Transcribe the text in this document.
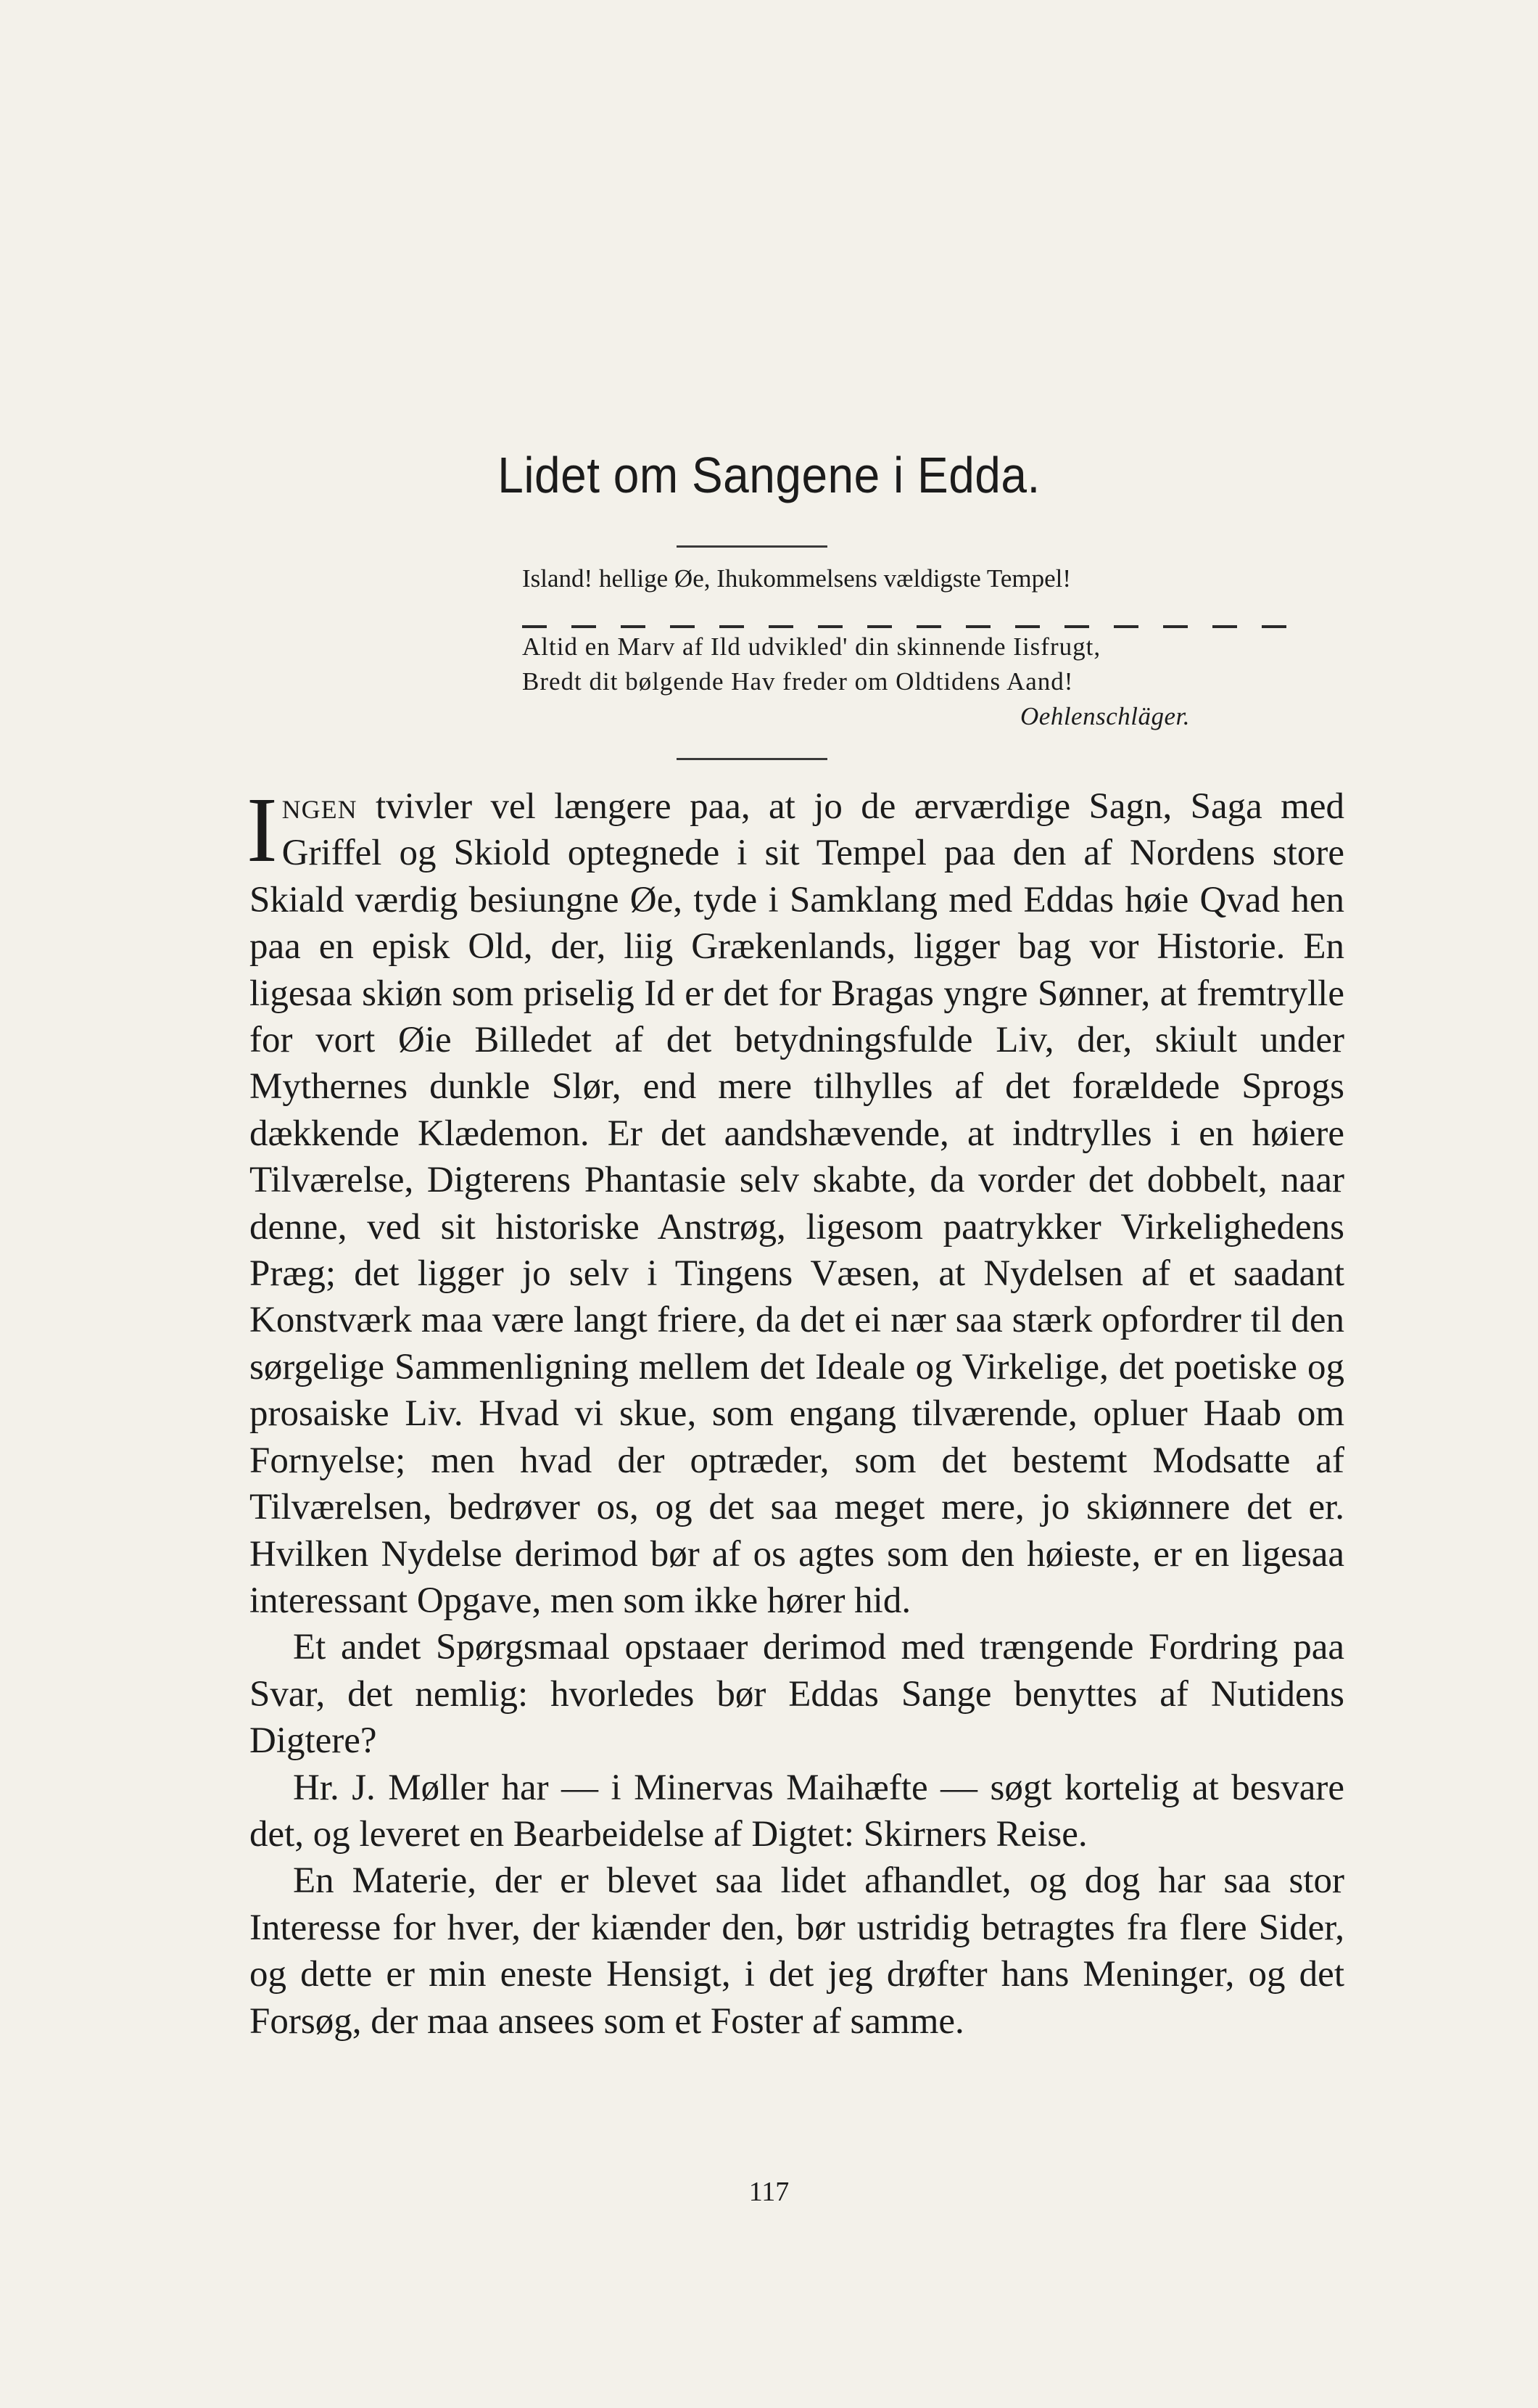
Lidet om Sangene i Edda.
Island! hellige Øe, Ihukommelsens vældigste Tempel!
Altid en Marv af Ild udvikled' din skinnende Iisfrugt,
Bredt dit bølgende Hav freder om Oldtidens Aand!
Oehlenschläger.

Ingen tvivler vel længere paa, at jo de ærværdige Sagn, Saga med Griffel og Skiold optegnede i sit Tempel paa den af Nordens store Skiald værdig besiungne Øe, tyde i Samklang med Eddas høie Qvad hen paa en episk Old, der, liig Grækenlands, ligger bag vor Historie. En ligesaa skiøn som priselig Id er det for Bragas yngre Sønner, at fremtrylle for vort Øie Billedet af det betydningsfulde Liv, der, skiult under Mythernes dunkle Slør, end mere tilhylles af det forældede Sprogs dækkende Klædemon. Er det aandshævende, at indtrylles i en høiere Tilværelse, Digterens Phantasie selv skabte, da vorder det dobbelt, naar denne, ved sit historiske Anstrøg, ligesom paatrykker Virkelighedens Præg; det ligger jo selv i Tingens Væsen, at Nydelsen af et saadant Konstværk maa være langt friere, da det ei nær saa stærk opfordrer til den sørgelige Sammenligning mellem det Ideale og Virkelige, det poetiske og prosaiske Liv. Hvad vi skue, som engang tilværende, opluer Haab om Fornyelse; men hvad der optræder, som det bestemt Modsatte af Tilværelsen, bedrøver os, og det saa meget mere, jo skiønnere det er. Hvilken Nydelse derimod bør af os agtes som den høieste, er en ligesaa interessant Opgave, men som ikke hører hid.

Et andet Spørgsmaal opstaaer derimod med trængende Fordring paa Svar, det nemlig: hvorledes bør Eddas Sange benyttes af Nutidens Digtere?

Hr. J. Møller har — i Minervas Maihæfte — søgt kortelig at besvare det, og leveret en Bearbeidelse af Digtet: Skirners Reise.

En Materie, der er blevet saa lidet afhandlet, og dog har saa stor Interesse for hver, der kiænder den, bør ustridig betragtes fra flere Sider, og dette er min eneste Hensigt, i det jeg drøfter hans Meninger, og det Forsøg, der maa ansees som et Foster af samme.

117
